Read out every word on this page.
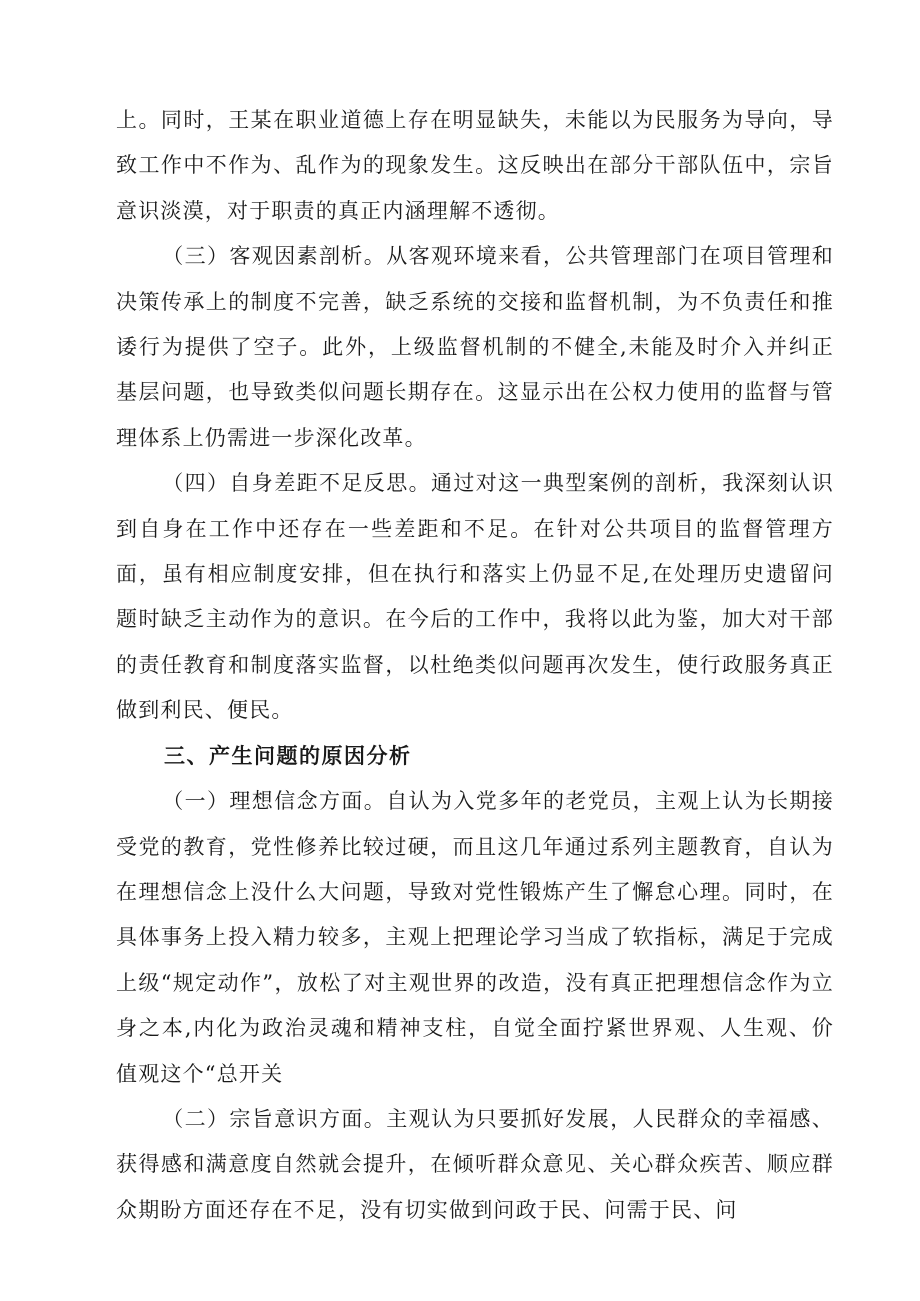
上。同时，王某在职业道德上存在明显缺失，未能以为民服务为导向，导致工作中不作为、乱作为的现象发生。这反映出在部分干部队伍中，宗旨意识淡漠，对于职责的真正内涵理解不透彻。

（三）客观因素剖析。从客观环境来看，公共管理部门在项目管理和决策传承上的制度不完善，缺乏系统的交接和监督机制，为不负责任和推诿行为提供了空子。此外，上级监督机制的不健全,未能及时介入并纠正基层问题，也导致类似问题长期存在。这显示出在公权力使用的监督与管理体系上仍需进一步深化改革。

（四）自身差距不足反思。通过对这一典型案例的剖析，我深刻认识到自身在工作中还存在一些差距和不足。在针对公共项目的监督管理方面，虽有相应制度安排，但在执行和落实上仍显不足,在处理历史遗留问题时缺乏主动作为的意识。在今后的工作中，我将以此为鉴，加大对干部的责任教育和制度落实监督，以杜绝类似问题再次发生，使行政服务真正做到利民、便民。

三、产生问题的原因分析

（一）理想信念方面。自认为入党多年的老党员，主观上认为长期接受党的教育，党性修养比较过硬，而且这几年通过系列主题教育，自认为在理想信念上没什么大问题，导致对党性锻炼产生了懈怠心理。同时，在具体事务上投入精力较多，主观上把理论学习当成了软指标，满足于完成上级“规定动作”，放松了对主观世界的改造，没有真正把理想信念作为立身之本,内化为政治灵魂和精神支柱，自觉全面拧紧世界观、人生观、价值观这个“总开关

（二）宗旨意识方面。主观认为只要抓好发展，人民群众的幸福感、获得感和满意度自然就会提升，在倾听群众意见、关心群众疾苦、顺应群众期盼方面还存在不足，没有切实做到问政于民、问需于民、问
